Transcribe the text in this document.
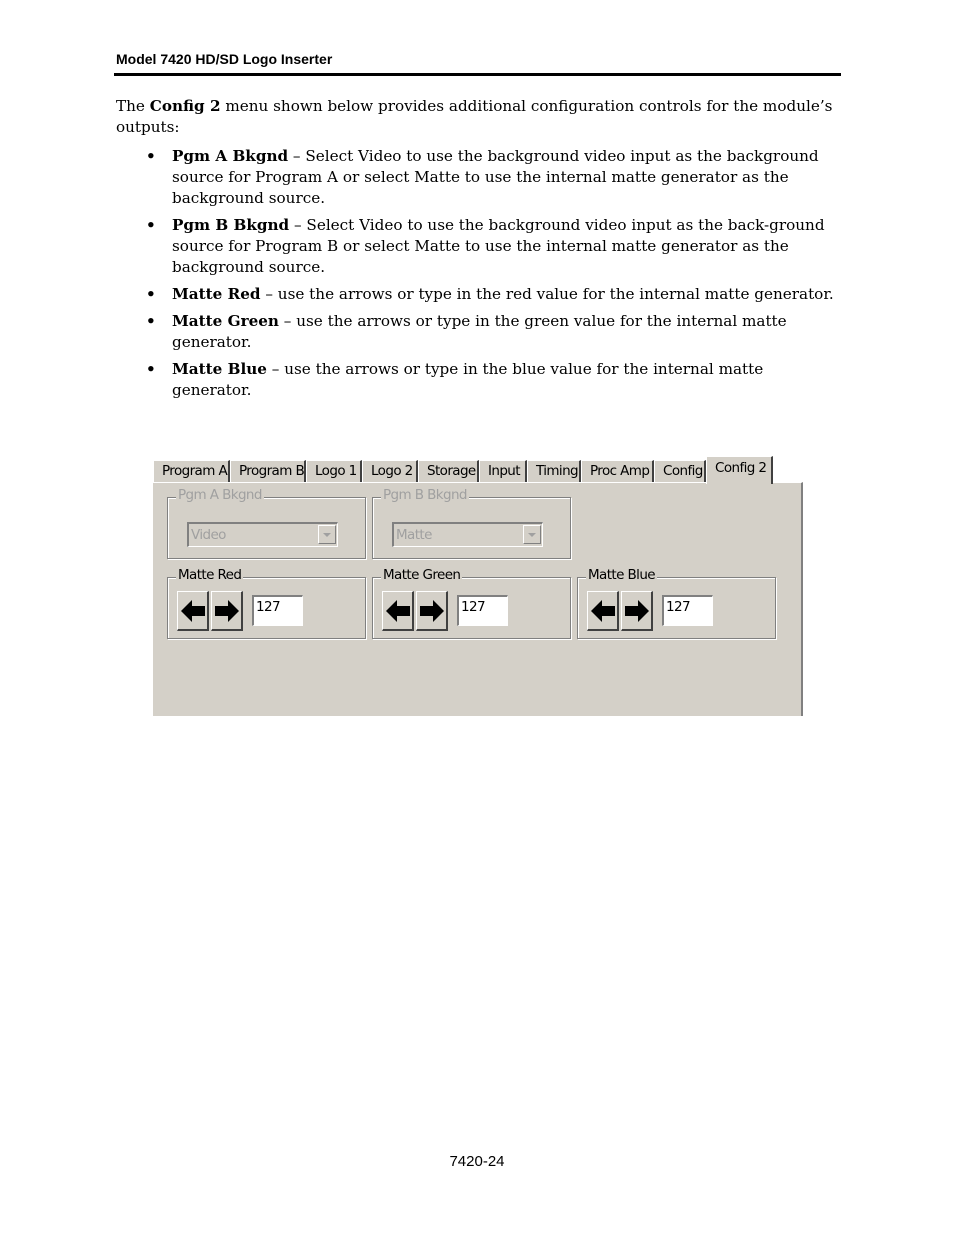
Model 7420 HD/SD Logo Inserter

The Config 2 menu shown below provides additional configuration controls for the module’s outputs:

• Pgm A Bkgnd – Select Video to use the background video input as the background source for Program A or select Matte to use the internal matte generator as the background source.
• Pgm B Bkgnd – Select Video to use the background video input as the back-ground source for Program B or select Matte to use the internal matte generator as the background source.
• Matte Red – use the arrows or type in the red value for the internal matte generator.
• Matte Green – use the arrows or type in the green value for the internal matte generator.
• Matte Blue – use the arrows or type in the blue value for the internal matte generator.
Program A Program B Logo 1	Logo 2	Storage Input	Timing Proc Amp	Config Config 2
Pgm A Bkgnd
Video
Pgm B Bkgnd
Matte
Matte Red
127
Matte Green
127
Matte Blue
127
7420-24
